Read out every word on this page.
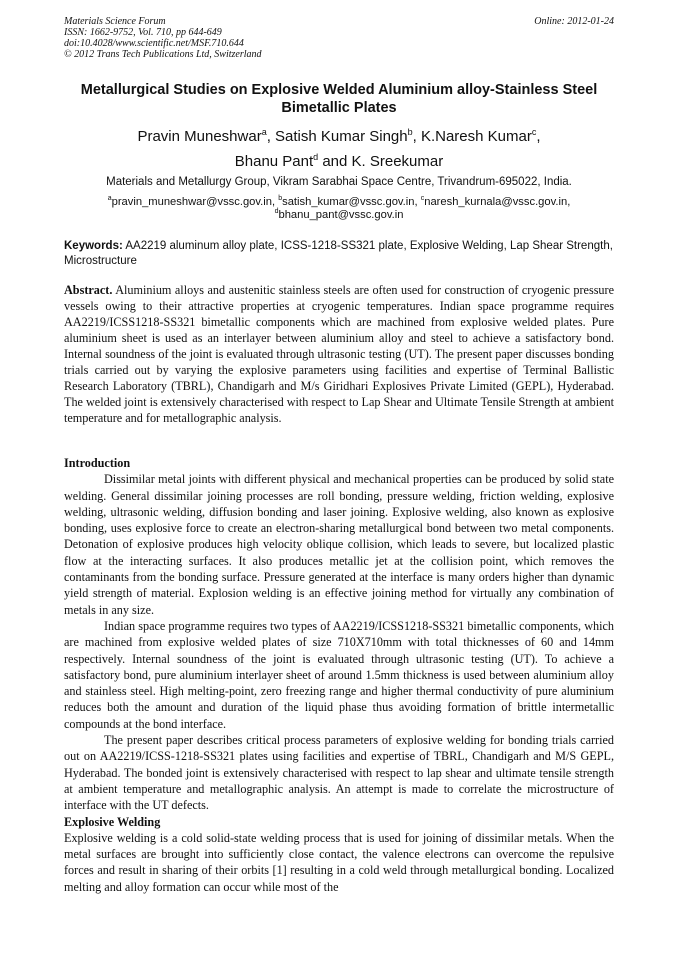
Materials Science Forum
ISSN: 1662-9752, Vol. 710, pp 644-649
doi:10.4028/www.scientific.net/MSF.710.644
© 2012 Trans Tech Publications Ltd, Switzerland
Online: 2012-01-24
Metallurgical Studies on Explosive Welded Aluminium alloy-Stainless Steel Bimetallic Plates
Pravin Muneshwar$^a$, Satish Kumar Singh$^b$, K.Naresh Kumar$^c$,
Bhanu Pant$^d$ and K. Sreekumar
Materials and Metallurgy Group, Vikram Sarabhai Space Centre, Trivandrum-695022, India.
$^a$pravin_muneshwar@vssc.gov.in, $^b$satish_kumar@vssc.gov.in, $^c$naresh_kurnala@vssc.gov.in,
$^d$bhanu_pant@vssc.gov.in
Keywords: AA2219 aluminum alloy plate, ICSS-1218-SS321 plate, Explosive Welding, Lap Shear Strength, Microstructure

Abstract. Aluminium alloys and austenitic stainless steels are often used for construction of cryogenic pressure vessels owing to their attractive properties at cryogenic temperatures. Indian space programme requires AA2219/ICSS1218-SS321 bimetallic components which are machined from explosive welded plates. Pure aluminium sheet is used as an interlayer between aluminium alloy and steel to achieve a satisfactory bond. Internal soundness of the joint is evaluated through ultrasonic testing (UT). The present paper discusses bonding trials carried out by varying the explosive parameters using facilities and expertise of Terminal Ballistic Research Laboratory (TBRL), Chandigarh and M/s Giridhari Explosives Private Limited (GEPL), Hyderabad. The welded joint is extensively characterised with respect to Lap Shear and Ultimate Tensile Strength at ambient temperature and for metallographic analysis.

Introduction

Dissimilar metal joints with different physical and mechanical properties can be produced by solid state welding. General dissimilar joining processes are roll bonding, pressure welding, friction welding, explosive welding, ultrasonic welding, diffusion bonding and laser joining. Explosive welding, also known as explosive bonding, uses explosive force to create an electron-sharing metallurgical bond between two metal components. Detonation of explosive produces high velocity oblique collision, which leads to severe, but localized plastic flow at the interacting surfaces. It also produces metallic jet at the collision point, which removes the contaminants from the bonding surface. Pressure generated at the interface is many orders higher than dynamic yield strength of material. Explosion welding is an effective joining method for virtually any combination of metals in any size.

Indian space programme requires two types of AA2219/ICSS1218-SS321 bimetallic components, which are machined from explosive welded plates of size 710X710mm with total thicknesses of 60 and 14mm respectively. Internal soundness of the joint is evaluated through ultrasonic testing (UT). To achieve a satisfactory bond, pure aluminium interlayer sheet of around 1.5mm thickness is used between aluminium alloy and stainless steel. High melting-point, zero freezing range and higher thermal conductivity of pure aluminium reduces both the amount and duration of the liquid phase thus avoiding formation of brittle intermetallic compounds at the bond interface.

The present paper describes critical process parameters of explosive welding for bonding trials carried out on AA2219/ICSS-1218-SS321 plates using facilities and expertise of TBRL, Chandigarh and M/S GEPL, Hyderabad. The bonded joint is extensively characterised with respect to lap shear and ultimate tensile strength at ambient temperature and metallographic analysis. An attempt is made to correlate the microstructure of interface with the UT defects.

Explosive Welding

Explosive welding is a cold solid-state welding process that is used for joining of dissimilar metals. When the metal surfaces are brought into sufficiently close contact, the valence electrons can overcome the repulsive forces and result in sharing of their orbits [1] resulting in a cold weld through metallurgical bonding. Localized melting and alloy formation can occur while most of the
